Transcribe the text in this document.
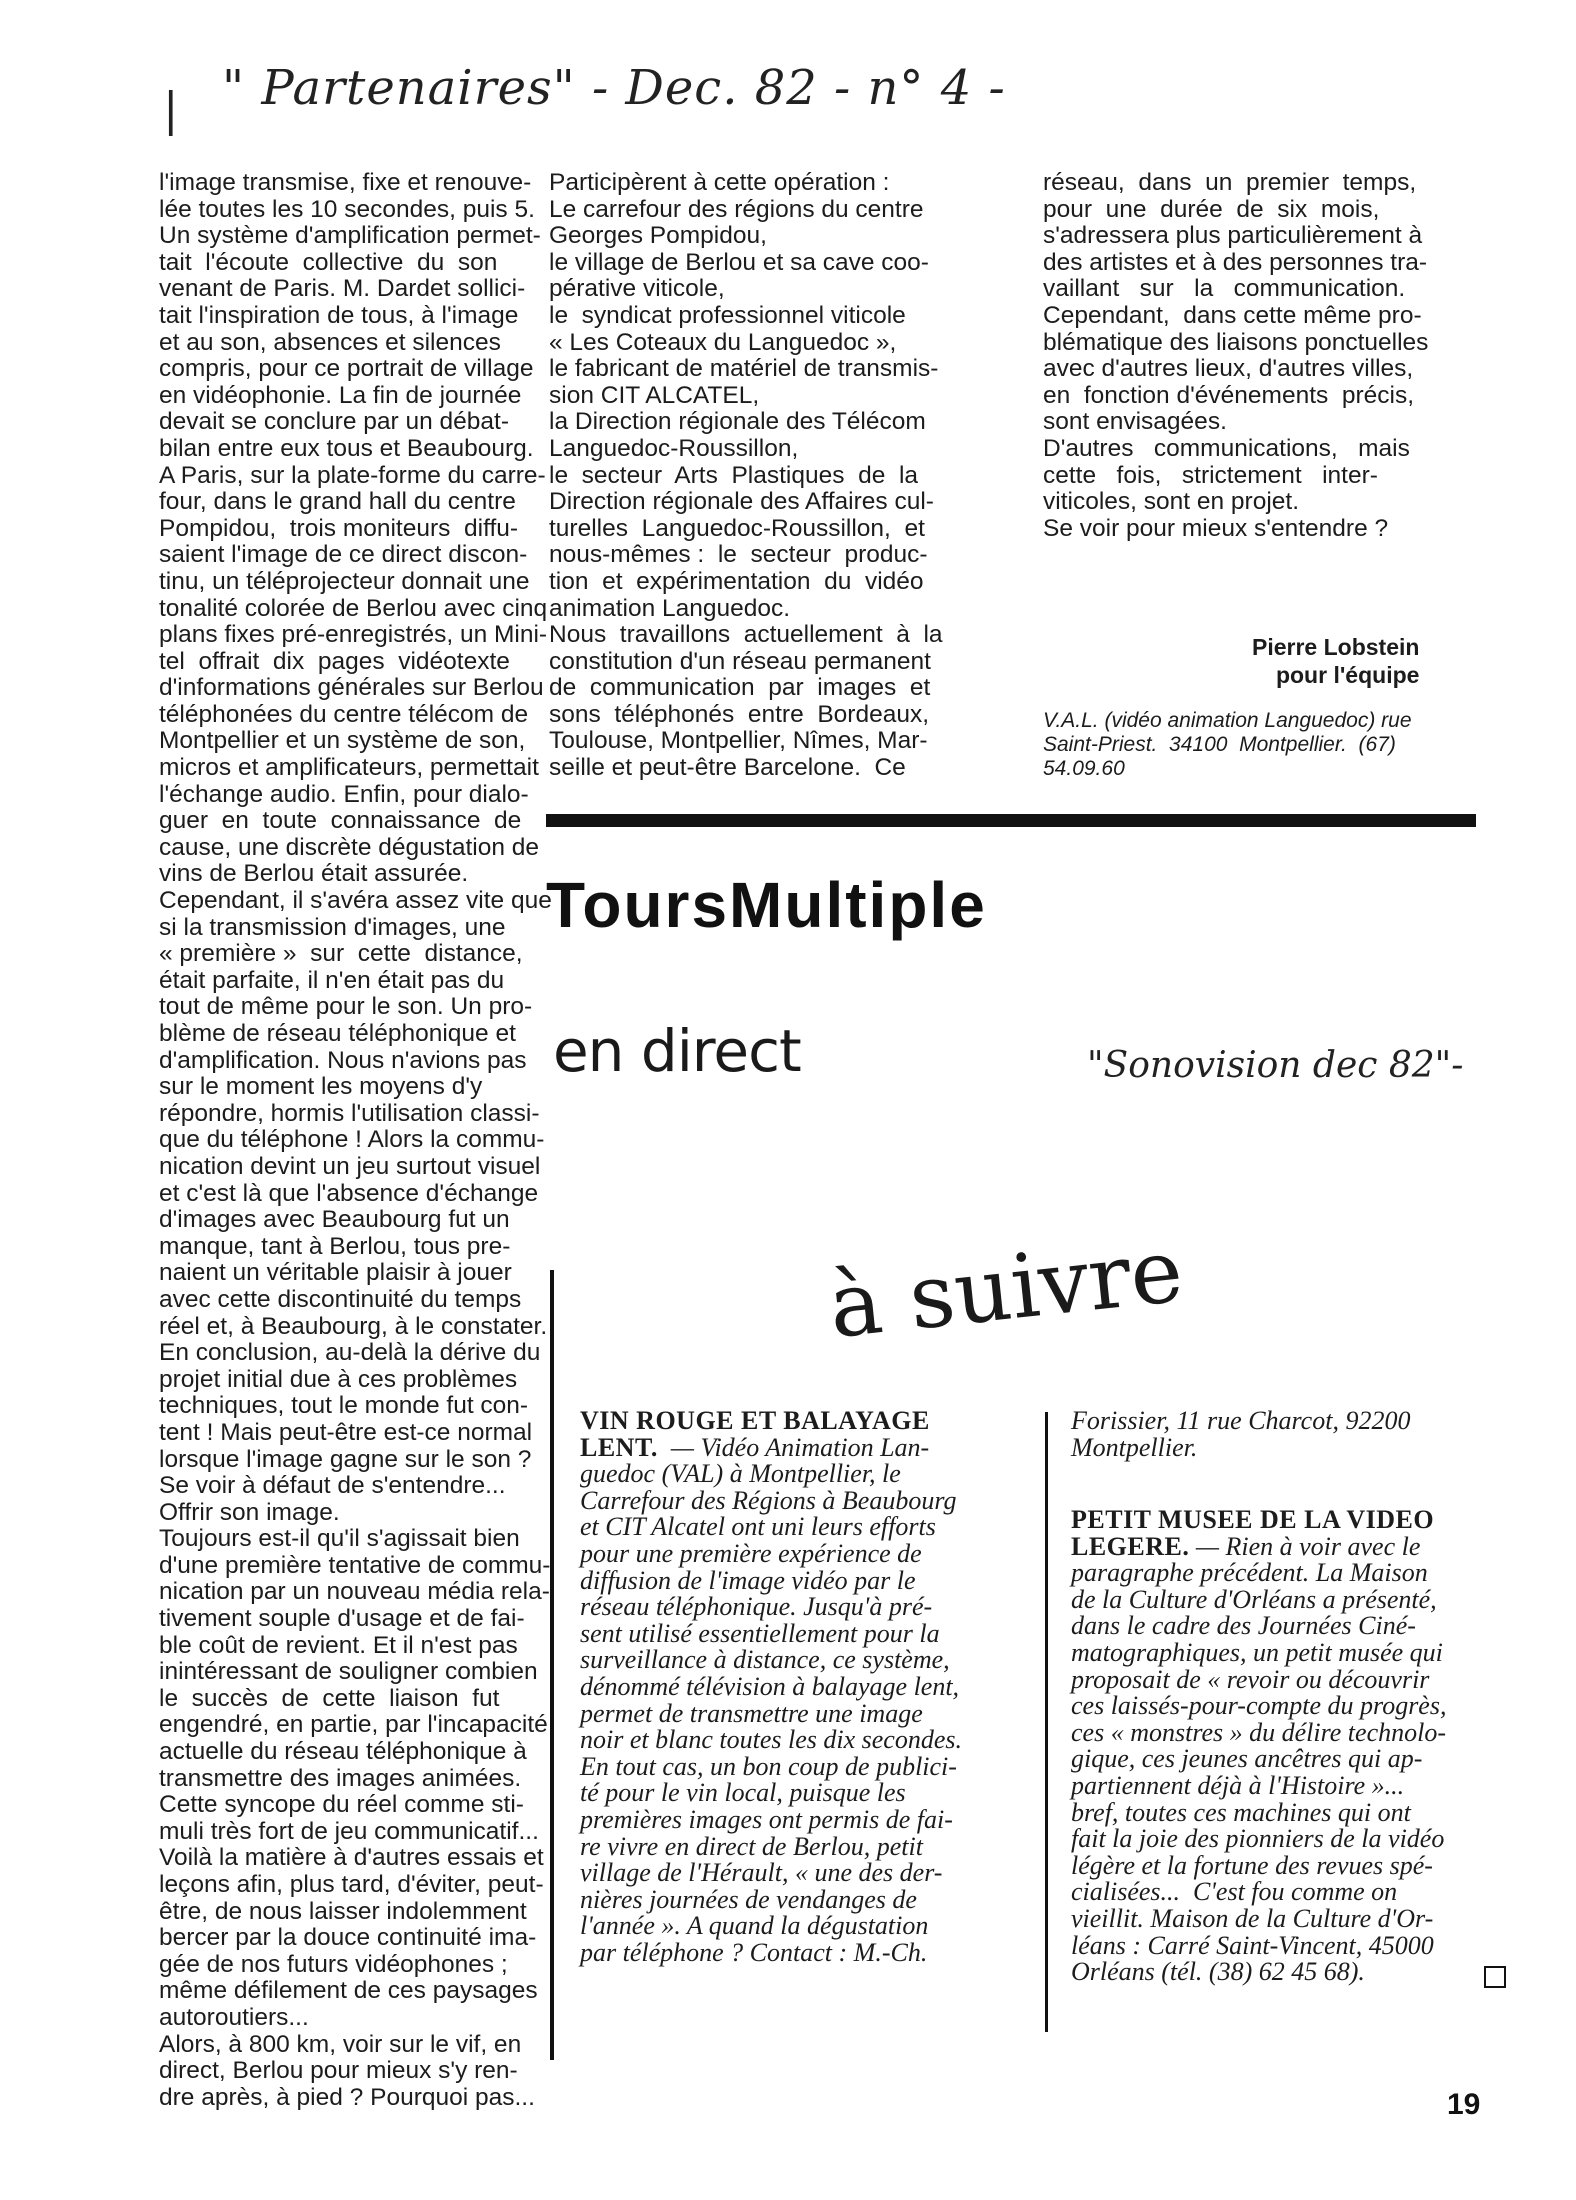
| " Partenaires" - Dec. 82 - n° 4 -
l'image transmise, fixe et renouve-
lée toutes les 10 secondes, puis 5.
Un système d'amplification permet-
tait  l'écoute  collective  du  son
venant de Paris. M. Dardet sollici-
tait l'inspiration de tous, à l'image
et au son, absences et silences
compris, pour ce portrait de village
en vidéophonie. La fin de journée
devait se conclure par un débat-
bilan entre eux tous et Beaubourg.
A Paris, sur la plate-forme du carre-
four, dans le grand hall du centre
Pompidou,  trois moniteurs  diffu-
saient l'image de ce direct discon-
tinu, un téléprojecteur donnait une
tonalité colorée de Berlou avec cinq
plans fixes pré-enregistrés, un Mini-
tel  offrait  dix  pages  vidéotexte
d'informations générales sur Berlou
téléphonées du centre télécom de
Montpellier et un système de son,
micros et amplificateurs, permettait
l'échange audio. Enfin, pour dialo-
guer  en  toute  connaissance  de
cause, une discrète dégustation de
vins de Berlou était assurée.
Cependant, il s'avéra assez vite que
si la transmission d'images, une
« première »  sur  cette  distance,
était parfaite, il n'en était pas du
tout de même pour le son. Un pro-
blème de réseau téléphonique et
d'amplification. Nous n'avions pas
sur le moment les moyens d'y
répondre, hormis l'utilisation classi-
que du téléphone ! Alors la commu-
nication devint un jeu surtout visuel
et c'est là que l'absence d'échange
d'images avec Beaubourg fut un
manque, tant à Berlou, tous pre-
naient un véritable plaisir à jouer
avec cette discontinuité du temps
réel et, à Beaubourg, à le constater.
En conclusion, au-delà la dérive du
projet initial due à ces problèmes
techniques, tout le monde fut con-
tent ! Mais peut-être est-ce normal
lorsque l'image gagne sur le son ?
Se voir à défaut de s'entendre...
Offrir son image.
Toujours est-il qu'il s'agissait bien
d'une première tentative de commu-
nication par un nouveau média rela-
tivement souple d'usage et de fai-
ble coût de revient. Et il n'est pas
inintéressant de souligner combien
le  succès  de  cette  liaison  fut
engendré, en partie, par l'incapacité
actuelle du réseau téléphonique à
transmettre des images animées.
Cette syncope du réel comme sti-
muli très fort de jeu communicatif...
Voilà la matière à d'autres essais et
leçons afin, plus tard, d'éviter, peut-
être, de nous laisser indolemment
bercer par la douce continuité ima-
gée de nos futurs vidéophones ;
même défilement de ces paysages
autoroutiers...
Alors, à 800 km, voir sur le vif, en
direct, Berlou pour mieux s'y ren-
dre après, à pied ? Pourquoi pas...
Participèrent à cette opération :
Le carrefour des régions du centre
Georges Pompidou,
le village de Berlou et sa cave coo-
pérative viticole,
le  syndicat professionnel viticole
« Les Coteaux du Languedoc »,
le fabricant de matériel de transmis-
sion CIT ALCATEL,
la Direction régionale des Télécom
Languedoc-Roussillon,
le  secteur  Arts  Plastiques  de  la
Direction régionale des Affaires cul-
turelles  Languedoc-Roussillon,  et
nous-mêmes :  le  secteur  produc-
tion  et  expérimentation  du  vidéo
animation Languedoc.
Nous  travaillons  actuellement  à  la
constitution d'un réseau permanent
de  communication  par  images  et
sons  téléphonés  entre  Bordeaux,
Toulouse, Montpellier, Nîmes, Mar-
seille et peut-être Barcelone.  Ce
réseau,  dans  un  premier  temps,
pour  une  durée  de  six  mois,
s'adressera plus particulièrement à
des artistes et à des personnes tra-
vaillant   sur   la   communication.
Cependant,  dans cette même pro-
blématique des liaisons ponctuelles
avec d'autres lieux, d'autres villes,
en  fonction d'événements  précis,
sont envisagées.
D'autres   communications,   mais
cette   fois,   strictement   inter-
viticoles, sont en projet.
Se voir pour mieux s'entendre ?
Pierre Lobstein
pour l'équipe
V.A.L. (vidéo animation Languedoc) rue
Saint-Priest.  34100  Montpellier.  (67)
54.09.60
ToursMultiple
en direct	"Sonovision dec 82"-
à suivre
VIN ROUGE ET BALAYAGE
LENT.  — Vidéo Animation Lan-
guedoc (VAL) à Montpellier, le
Carrefour des Régions à Beaubourg
et CIT Alcatel ont uni leurs efforts
pour une première expérience de
diffusion de l'image vidéo par le
réseau téléphonique. Jusqu'à pré-
sent utilisé essentiellement pour la
surveillance à distance, ce système,
dénommé télévision à balayage lent,
permet de transmettre une image
noir et blanc toutes les dix secondes.
En tout cas, un bon coup de publici-
té pour le vin local, puisque les
premières images ont permis de fai-
re vivre en direct de Berlou, petit
village de l'Hérault, « une des der-
nières journées de vendanges de
l'année ». A quand la dégustation
par téléphone ? Contact : M.-Ch.
Forissier, 11 rue Charcot, 92200
Montpellier.
PETIT MUSEE DE LA VIDEO
LEGERE. — Rien à voir avec le
paragraphe précédent. La Maison
de la Culture d'Orléans a présenté,
dans le cadre des Journées Ciné-
matographiques, un petit musée qui
proposait de « revoir ou découvrir
ces laissés-pour-compte du progrès,
ces « monstres » du délire technolo-
gique, ces jeunes ancêtres qui ap-
partiennent déjà à l'Histoire »...
bref, toutes ces machines qui ont
fait la joie des pionniers de la vidéo
légère et la fortune des revues spé-
cialisées...  C'est fou comme on
vieillit. Maison de la Culture d'Or-
léans : Carré Saint-Vincent, 45000
Orléans (tél. (38) 62 45 68).
19
